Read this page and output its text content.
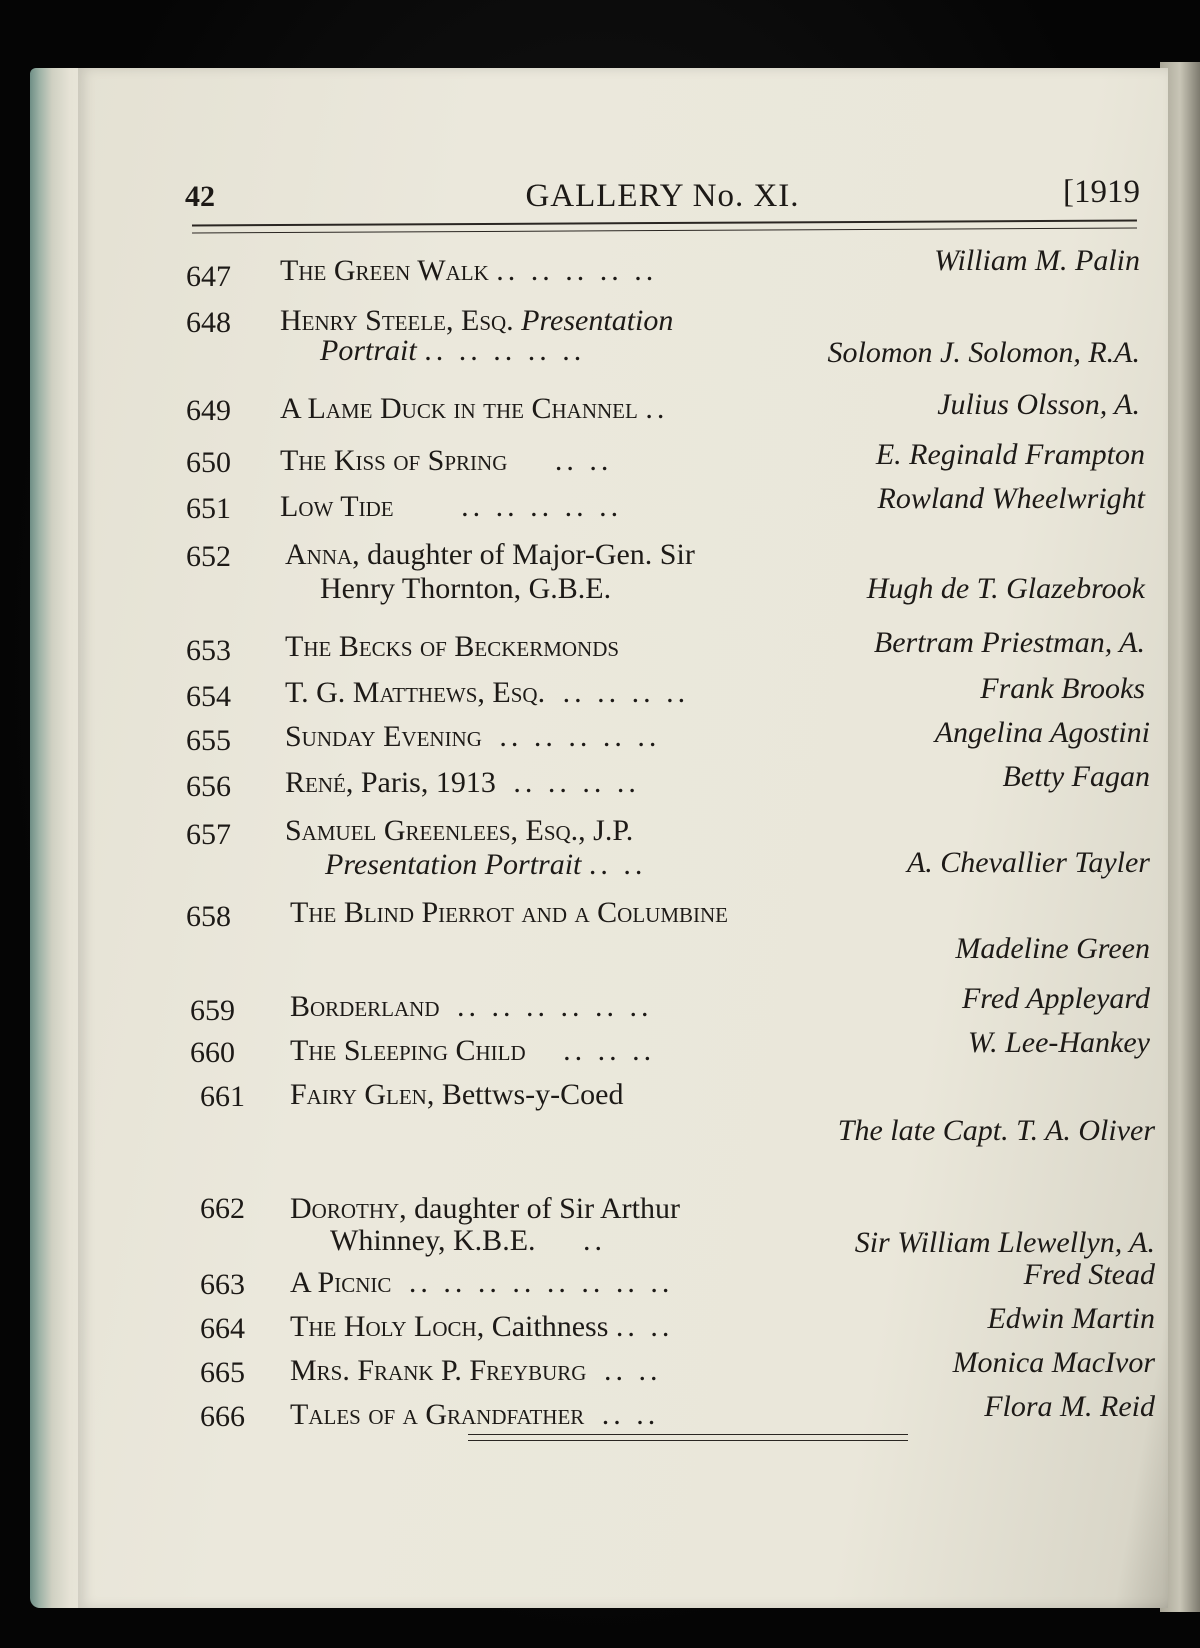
42	GALLERY No. XI.	[1919
647 The Green Walk .. .. .. .. ..	William M. Palin
648 Henry Steele, Esq. Presentation
Portrait .. .. .. .. ..	Solomon J. Solomon, R.A.
649 A Lame Duck in the Channel ..	Julius Olsson, A.
650 The Kiss of Spring .. ..	E. Reginald Frampton
651 Low Tide .. .. .. .. ..	Rowland Wheelwright
652 Anna, daughter of Major-Gen. Sir
Henry Thornton, G.B.E.	Hugh de T. Glazebrook
653 The Becks of Beckermonds	Bertram Priestman, A.
654 T. G. Matthews, Esq. .. .. .. ..	Frank Brooks
655 Sunday Evening .. .. .. .. ..	Angelina Agostini
656 René, Paris, 1913 .. .. .. ..	Betty Fagan
657 Samuel Greenlees, Esq., J.P.
Presentation Portrait .. ..	A. Chevallier Tayler
658 The Blind Pierrot and a Columbine
Madeline Green
659 Borderland .. .. .. .. .. ..	Fred Appleyard
660 The Sleeping Child .. .. ..	W. Lee-Hankey
661 Fairy Glen, Bettws-y-Coed
The late Capt. T. A. Oliver
662 Dorothy, daughter of Sir Arthur
Whinney, K.B.E. ..	Sir William Llewellyn, A.
663 A Picnic .. .. .. .. .. .. .. ..	Fred Stead
664 The Holy Loch, Caithness .. ..	Edwin Martin
665 Mrs. Frank P. Freyburg .. ..	Monica MacIvor
666 Tales of a Grandfather .. ..	Flora M. Reid
